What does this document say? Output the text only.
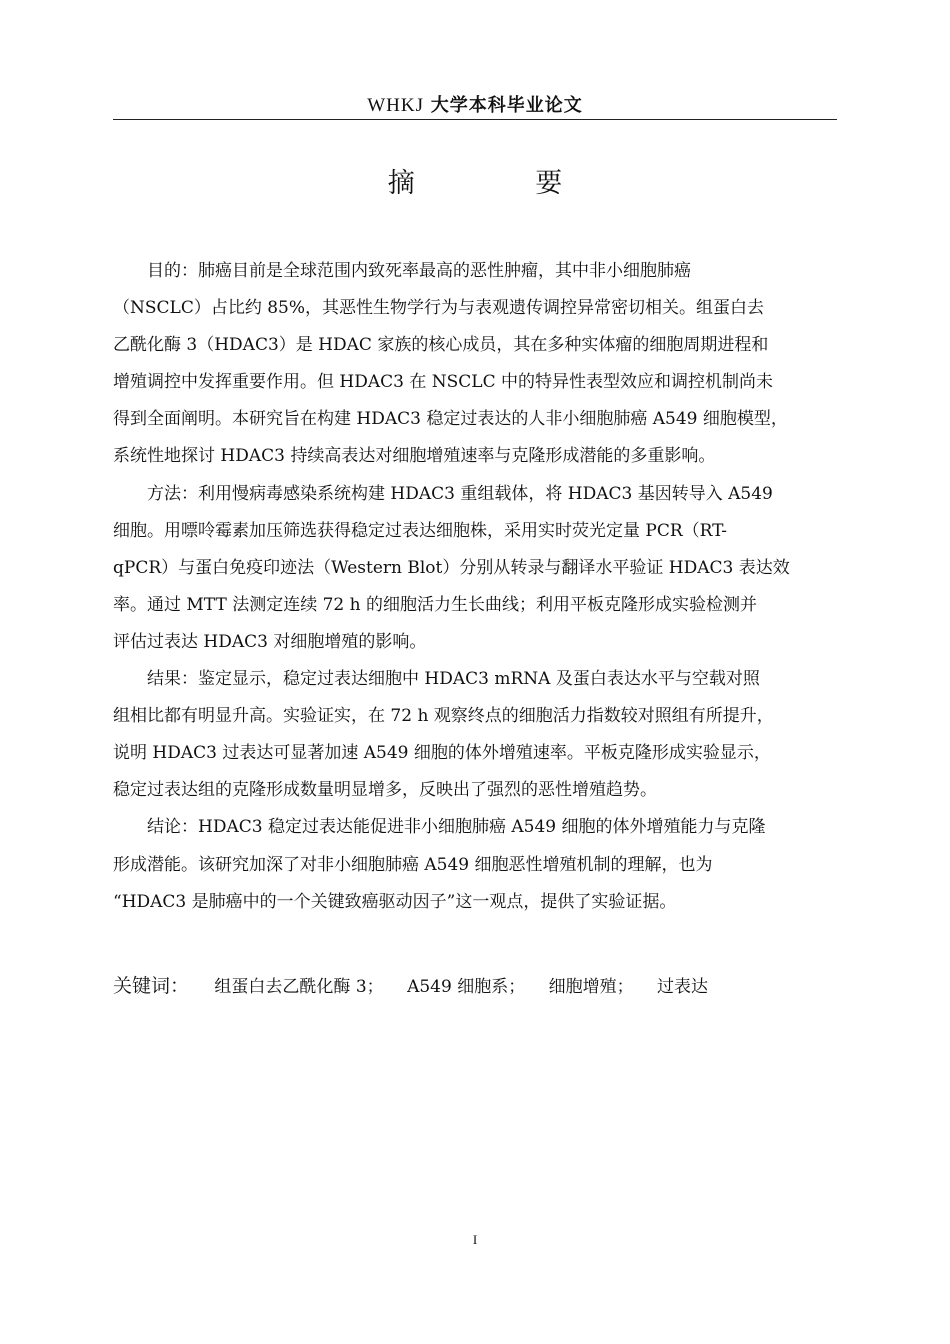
WHKJ 大学本科毕业论文
摘 要

目的：肺癌目前是全球范围内致死率最高的恶性肿瘤，其中非小细胞肺癌
（NSCLC）占比约 85%，其恶性生物学行为与表观遗传调控异常密切相关。组蛋白去
乙酰化酶 3（HDAC3）是 HDAC 家族的核心成员，其在多种实体瘤的细胞周期进程和
增殖调控中发挥重要作用。但 HDAC3 在 NSCLC 中的特异性表型效应和调控机制尚未
得到全面阐明。本研究旨在构建 HDAC3 稳定过表达的人非小细胞肺癌 A549 细胞模型，
系统性地探讨 HDAC3 持续高表达对细胞增殖速率与克隆形成潜能的多重影响。

方法：利用慢病毒感染系统构建 HDAC3 重组载体，将 HDAC3 基因转导入 A549
细胞。用嘌呤霉素加压筛选获得稳定过表达细胞株，采用实时荧光定量 PCR（RT-
qPCR）与蛋白免疫印迹法（Western Blot）分别从转录与翻译水平验证 HDAC3 表达效
率。通过 MTT 法测定连续 72 h 的细胞活力生长曲线；利用平板克隆形成实验检测并
评估过表达 HDAC3 对细胞增殖的影响。

结果：鉴定显示，稳定过表达细胞中 HDAC3 mRNA 及蛋白表达水平与空载对照
组相比都有明显升高。实验证实，在 72 h 观察终点的细胞活力指数较对照组有所提升，
说明 HDAC3 过表达可显著加速 A549 细胞的体外增殖速率。平板克隆形成实验显示，
稳定过表达组的克隆形成数量明显增多，反映出了强烈的恶性增殖趋势。

结论：HDAC3 稳定过表达能促进非小细胞肺癌 A549 细胞的体外增殖能力与克隆
形成潜能。该研究加深了对非小细胞肺癌 A549 细胞恶性增殖机制的理解，也为
“HDAC3 是肺癌中的一个关键致癌驱动因子”这一观点，提供了实验证据。

关键词： 组蛋白去乙酰化酶 3； A549 细胞系； 细胞增殖； 过表达
I
